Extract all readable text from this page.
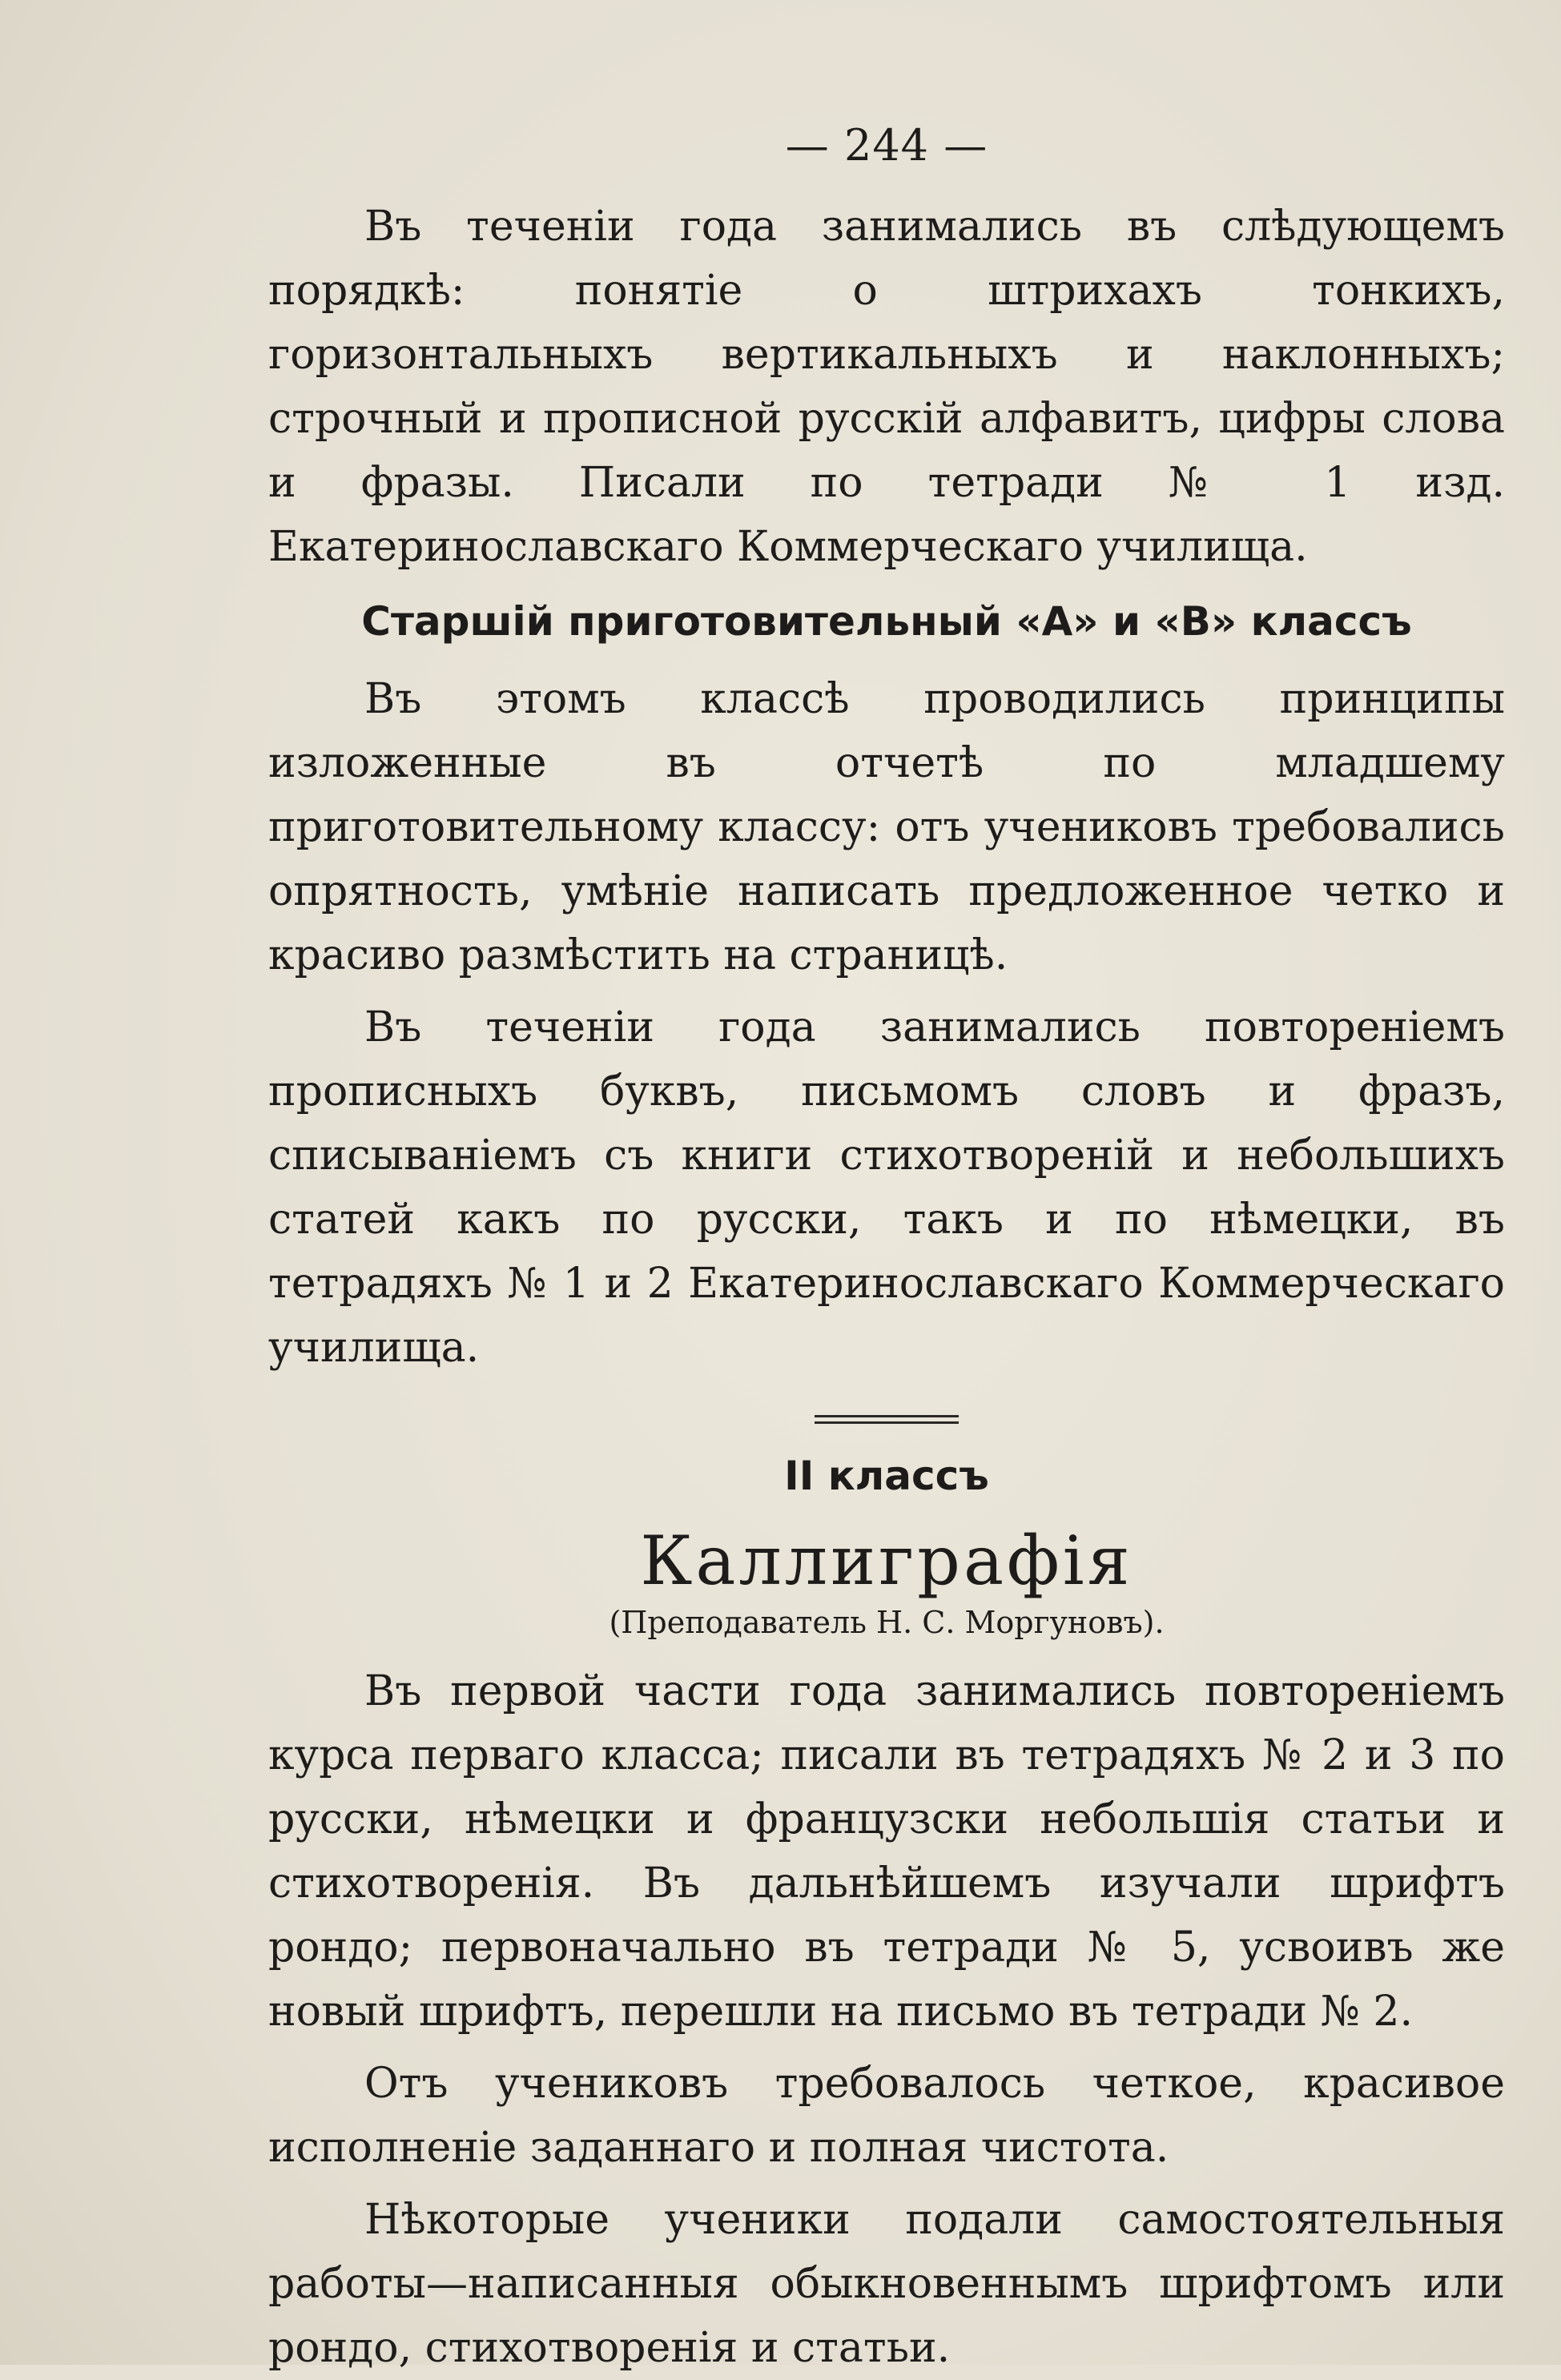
— 244 —

Въ теченіи года занимались въ слѣдующемъ порядкѣ: понятіе о штрихахъ тонкихъ, горизонтальныхъ вертикальныхъ и наклонныхъ; строчный и прописной русскій алфавитъ, цифры слова и фразы. Писали по тетради № 1 изд. Екатеринославскаго Коммерческаго училища.

Старшій приготовительный «А» и «В» классъ

Въ этомъ классѣ проводились принципы изложенные въ отчетѣ по младшему приготовительному классу: отъ учениковъ требовались опрятность, умѣніе написать предложенное четко и красиво размѣстить на страницѣ.

Въ теченіи года занимались повтореніемъ прописныхъ буквъ, письмомъ словъ и фразъ, списываніемъ съ книги стихотвореній и небольшихъ статей какъ по русски, такъ и по нѣмецки, въ тетрадяхъ № 1 и 2 Екатеринославскаго Коммерческаго училища.

II классъ
Каллиграфія
(Преподаватель Н. С. Моргуновъ).

Въ первой части года занимались повтореніемъ курса перваго класса; писали въ тетрадяхъ № 2 и 3 по русски, нѣмецки и французски небольшія статьи и стихотворенія. Въ дальнѣйшемъ изучали шрифтъ рондо; первоначально въ тетради № 5, усвоивъ же новый шрифтъ, перешли на письмо въ тетради № 2.

Отъ учениковъ требовалось четкое, красивое исполненіе заданнаго и полная чистота.

Нѣкоторые ученики подали самостоятельныя работы—написанныя обыкновеннымъ шрифтомъ или рондо, стихотворенія и статьи.
